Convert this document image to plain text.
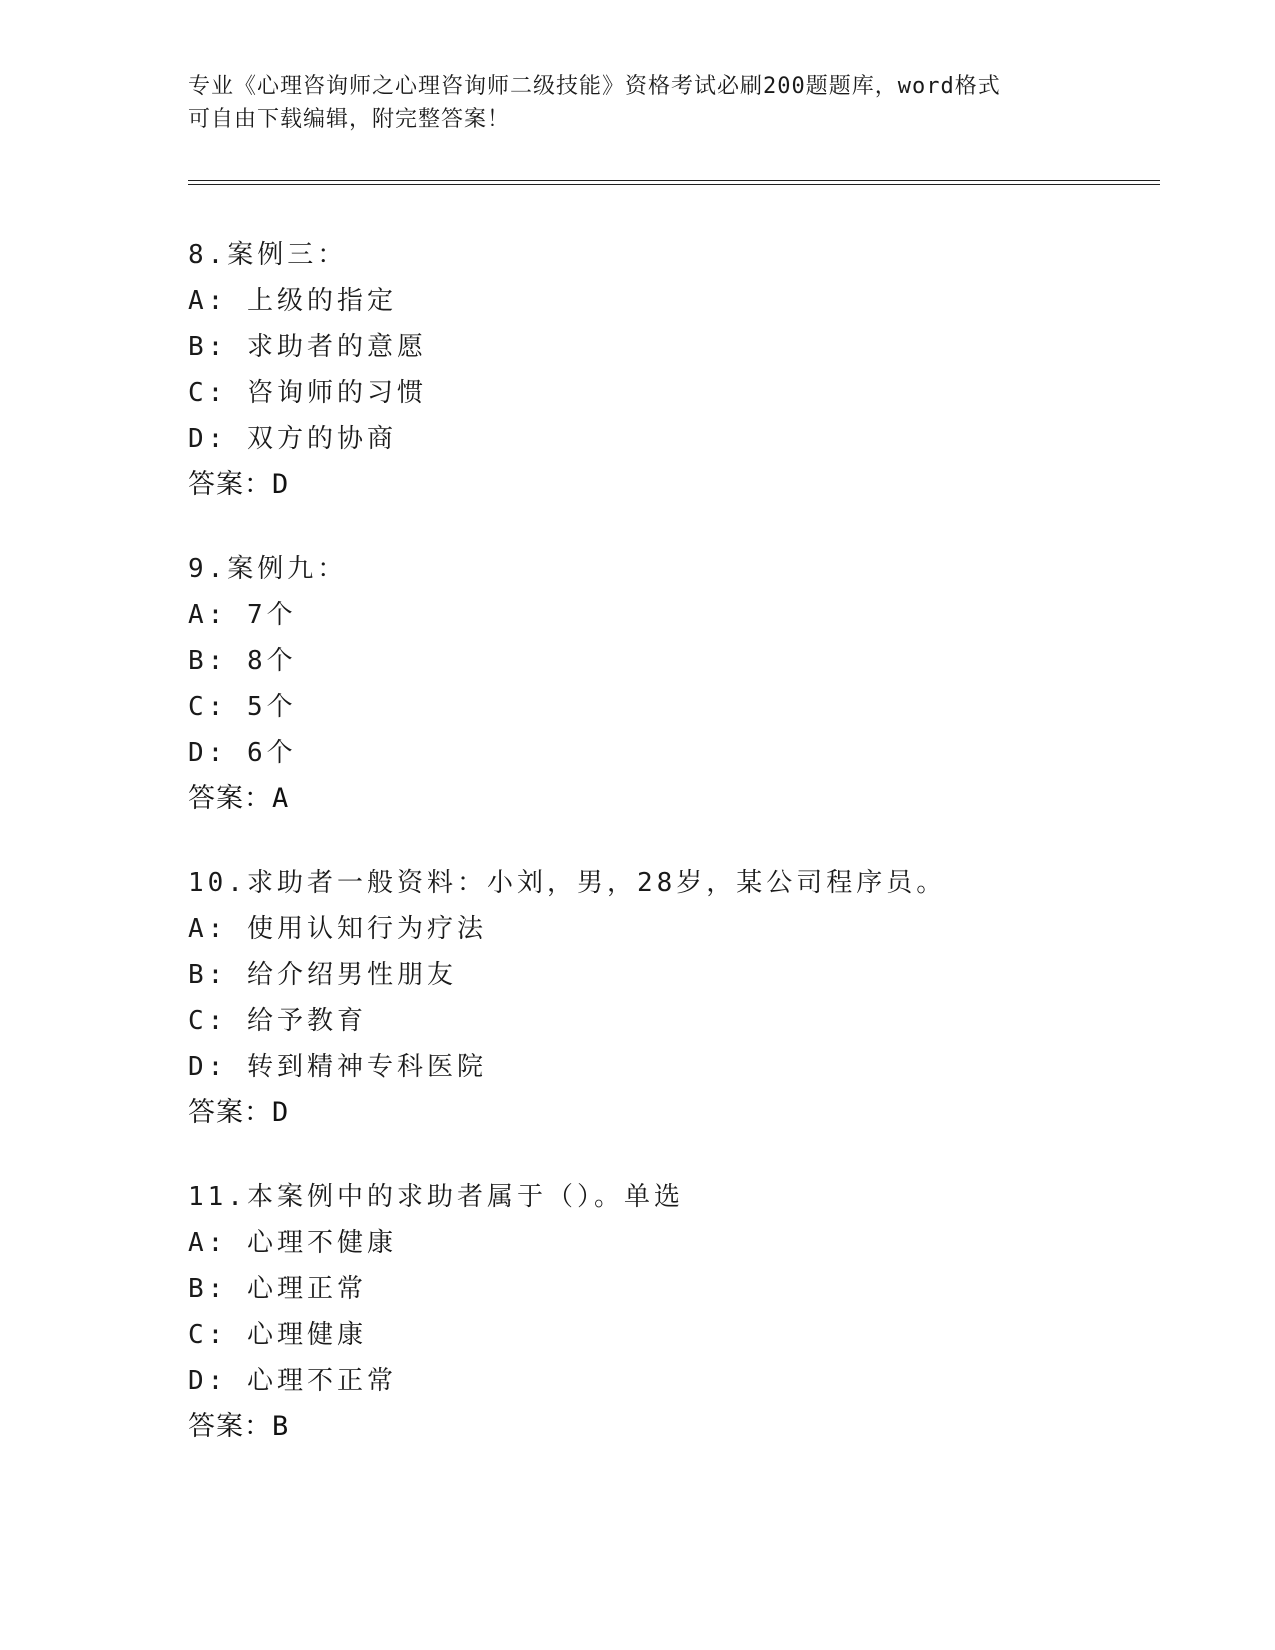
专业《心理咨询师之心理咨询师二级技能》资格考试必刷200题题库，word格式
可自由下载编辑，附完整答案！
8.案例三：
A: 上级的指定
B: 求助者的意愿
C: 咨询师的习惯
D: 双方的协商
答案：D
9.案例九：
A: 7个
B: 8个
C: 5个
D: 6个
答案：A
10.求助者一般资料：小刘，男，28岁，某公司程序员。
A: 使用认知行为疗法
B: 给介绍男性朋友
C: 给予教育
D: 转到精神专科医院
答案：D
11.本案例中的求助者属于（）。单选
A: 心理不健康
B: 心理正常
C: 心理健康
D: 心理不正常
答案：B
